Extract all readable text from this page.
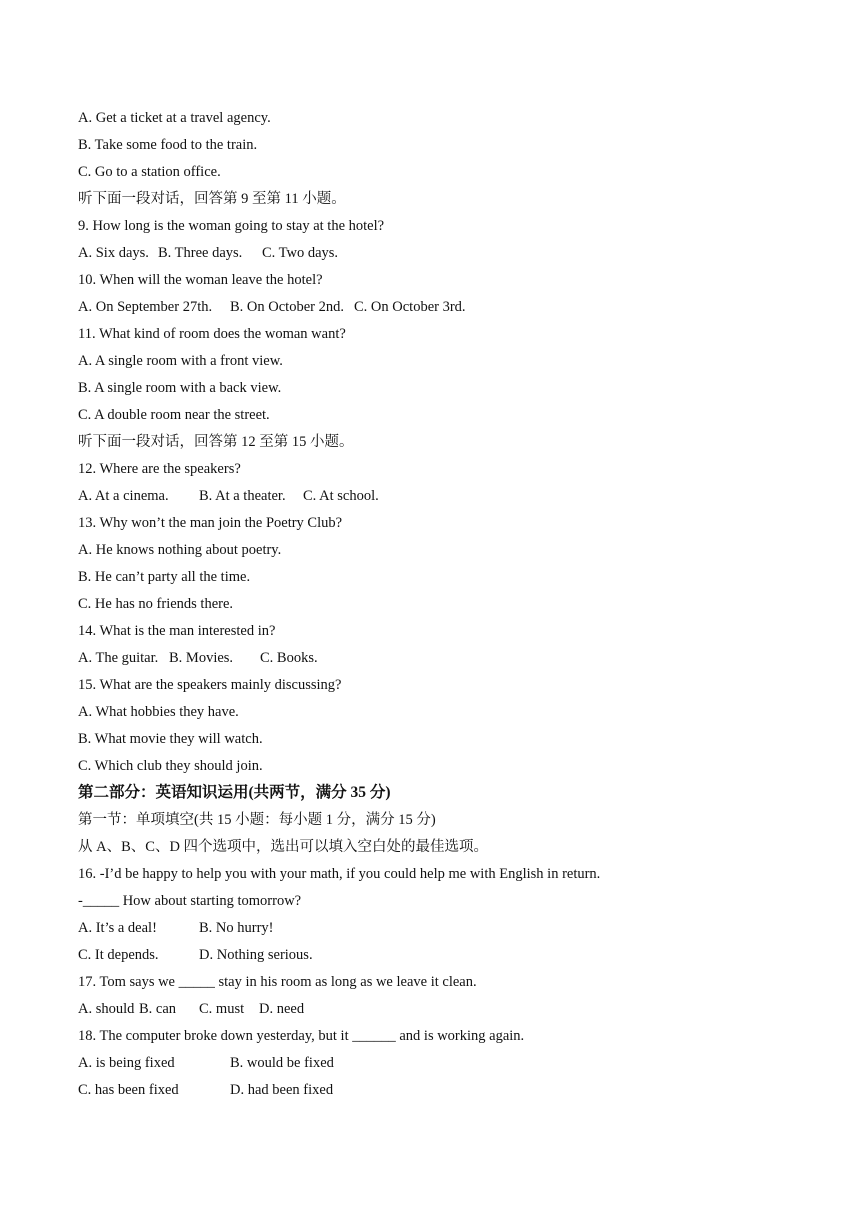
A. Get a ticket at a travel agency.
B. Take some food to the train.
C. Go to a station office.
听下面一段对话，回答第 9 至第 11 小题。
9. How long is the woman going to stay at the hotel?
A. Six days. B. Three days.	C. Two days.
10. When will the woman leave the hotel?
A. On September 27th.	B. On October 2nd. C. On October 3rd.
11. What kind of room does the woman want?
A. A single room with a front view.
B. A single room with a back view.
C. A double room near the street.
听下面一段对话，回答第 12 至第 15 小题。
12. Where are the speakers?
A. At a cinema.	B. At a theater.	C. At school.
13. Why won’t the man join the Poetry Club?
A. He knows nothing about poetry.
B. He can’t party all the time.
C. He has no friends there.
14. What is the man interested in?
A. The guitar. B. Movies.	C. Books.
15. What are the speakers mainly discussing?
A. What hobbies they have.
B. What movie they will watch.
C. Which club they should join.
第二部分：英语知识运用(共两节，满分 35 分)
第一节：单项填空(共 15 小题：每小题 1 分，满分 15 分)
从 A、B、C、D 四个选项中，选出可以填入空白处的最佳选项。
16. -I’d be happy to help you with your math, if you could help me with English in return.
-_____ How about starting tomorrow?
A. It’s a deal!	B. No hurry!
C. It depends.	D. Nothing serious.
17. Tom says we _____ stay in his room as long as we leave it clean.
A. should B. can	C. must	D. need
18. The computer broke down yesterday, but it ______ and is working again.
A. is being fixed	B. would be fixed
C. has been fixed	D. had been fixed
